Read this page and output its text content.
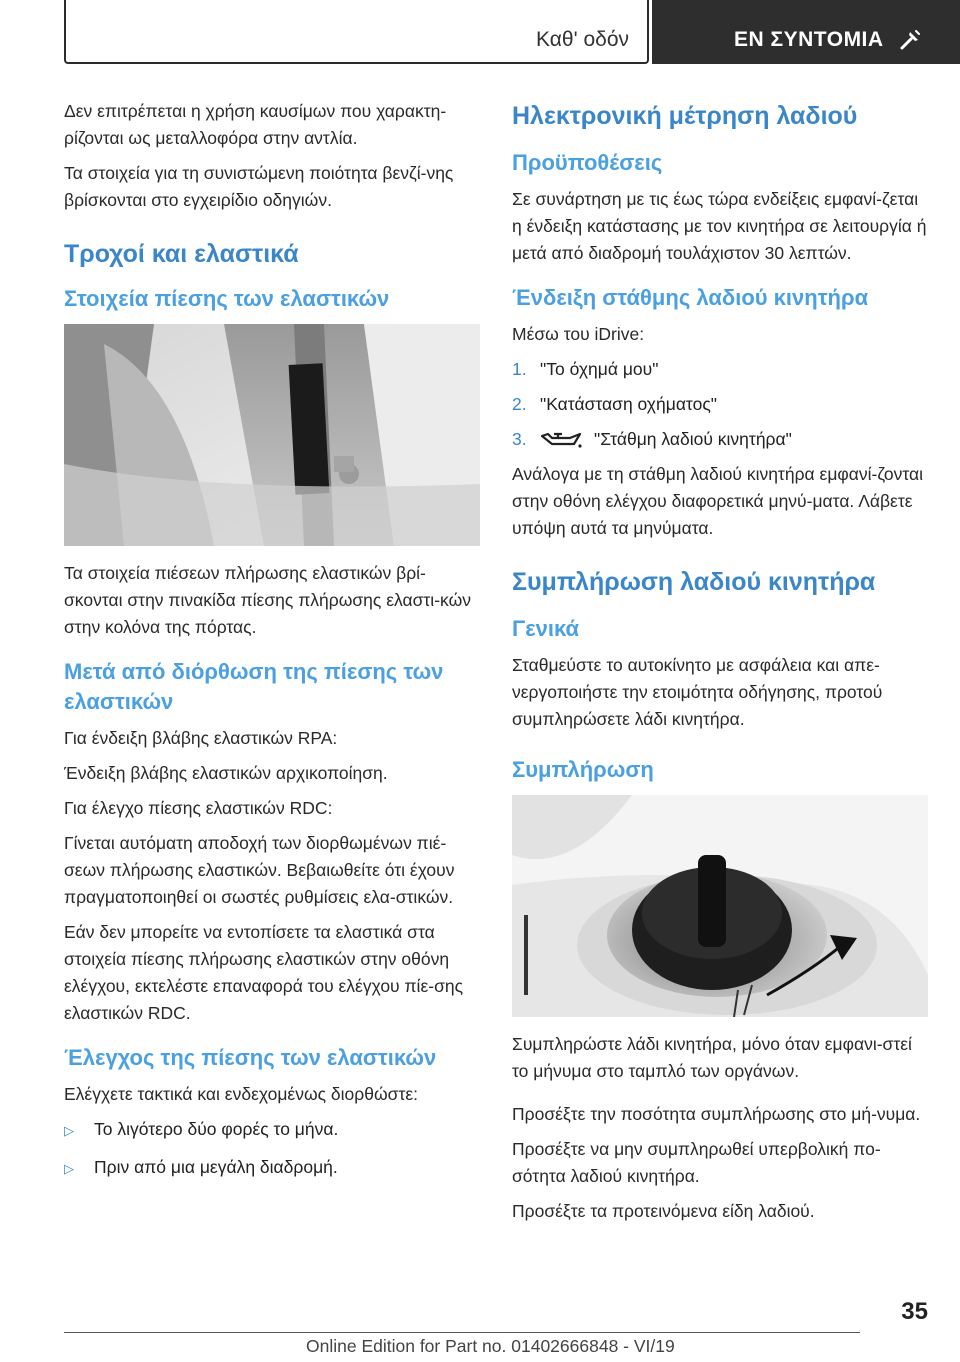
Καθ' οδόν	ΕΝ ΣΥΝΤΟΜΙΑ

Δεν επιτρέπεται η χρήση καυσίμων που χαρακτη-ρίζονται ως μεταλλοφόρα στην αντλία.

Τα στοιχεία για τη συνιστώμενη ποιότητα βενζί-νης βρίσκονται στο εγχειρίδιο οδηγιών.

Τροχοί και ελαστικά
Στοιχεία πίεσης των ελαστικών

Τα στοιχεία πιέσεων πλήρωσης ελαστικών βρί-σκονται στην πινακίδα πίεσης πλήρωσης ελαστι-κών στην κολόνα της πόρτας.

Μετά από διόρθωση της πίεσης των ελαστικών

Για ένδειξη βλάβης ελαστικών RPA:

Ένδειξη βλάβης ελαστικών αρχικοποίηση.

Για έλεγχο πίεσης ελαστικών RDC:

Γίνεται αυτόματη αποδοχή των διορθωμένων πιέ-σεων πλήρωσης ελαστικών. Βεβαιωθείτε ότι έχουν πραγματοποιηθεί οι σωστές ρυθμίσεις ελα-στικών.

Εάν δεν μπορείτε να εντοπίσετε τα ελαστικά στα στοιχεία πίεσης πλήρωσης ελαστικών στην οθόνη ελέγχου, εκτελέστε επαναφορά του ελέγχου πίε-σης ελαστικών RDC.

Έλεγχος της πίεσης των ελαστικών

Ελέγχετε τακτικά και ενδεχομένως διορθώστε:

▷	Το λιγότερο δύο φορές το μήνα.
▷	Πριν από μια μεγάλη διαδρομή.
Ηλεκτρονική μέτρηση λαδιού
Προϋποθέσεις

Σε συνάρτηση με τις έως τώρα ενδείξεις εμφανί-ζεται η ένδειξη κατάστασης με τον κινητήρα σε λειτουργία ή μετά από διαδρομή τουλάχιστον 30 λεπτών.

Ένδειξη στάθμης λαδιού κινητήρα

Μέσω του iDrive:

1. "Το όχημά μου"
2. "Κατάσταση οχήματος"
3.	"Στάθμη λαδιού κινητήρα"

Ανάλογα με τη στάθμη λαδιού κινητήρα εμφανί-ζονται στην οθόνη ελέγχου διαφορετικά μηνύ-ματα. Λάβετε υπόψη αυτά τα μηνύματα.

Συμπλήρωση λαδιού κινητήρα
Γενικά

Σταθμεύστε το αυτοκίνητο με ασφάλεια και απε-νεργοποιήστε την ετοιμότητα οδήγησης, προτού συμπληρώσετε λάδι κινητήρα.

Συμπλήρωση

Συμπληρώστε λάδι κινητήρα, μόνο όταν εμφανι-στεί το μήνυμα στο ταμπλό των οργάνων.

Προσέξτε την ποσότητα συμπλήρωσης στο μή-νυμα.

Προσέξτε να μην συμπληρωθεί υπερβολική πο-σότητα λαδιού κινητήρα.

Προσέξτε τα προτεινόμενα είδη λαδιού.

35
Online Edition for Part no. 01402666848 - VI/19
